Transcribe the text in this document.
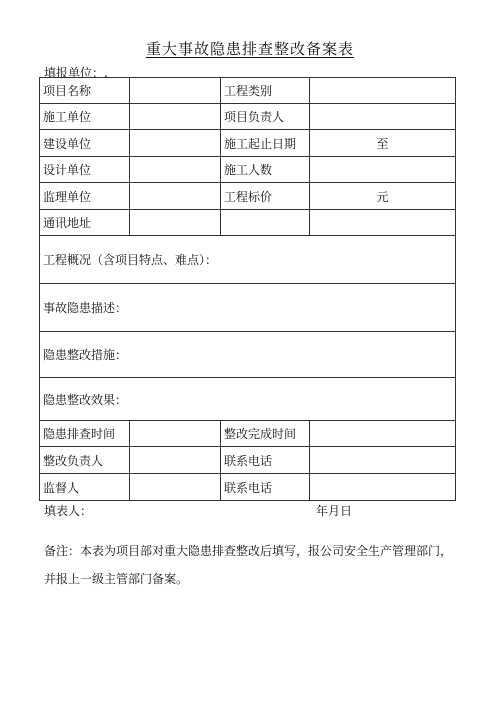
重大事故隐患排查整改备案表
填报单位：.
项目名称		工程类别	
施工单位		项目负责人	
建设单位		施工起止日期	至
设计单位		施工人数	
监理单位		工程标价	元
通讯地址			
工程概况（含项目特点、难点）：			
事故隐患描述：			
隐患整改措施：			
隐患整改效果：			
隐患排查时间		整改完成时间	
整改负责人		联系电话	
监督人		联系电话	
填表人：	年月日
备注：本表为项目部对重大隐患排查整改后填写，报公司安全生产管理部门，并报上一级主管部门备案。
